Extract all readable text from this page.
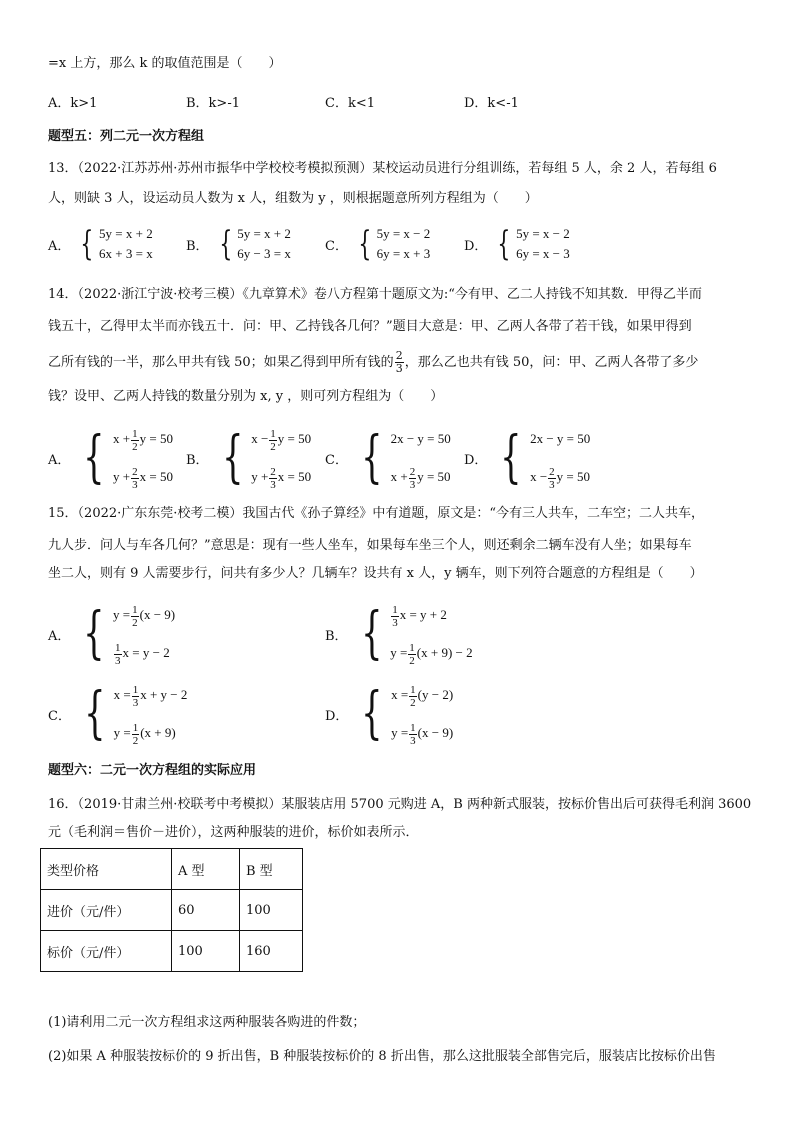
=x 上方，那么 k 的取值范围是（　　）
A．k>1	B．k>-1	C．k<1	D．k<-1
题型五：列二元一次方程组
13．（2022·江苏苏州·苏州市振华中学校校考模拟预测）某校运动员进行分组训练，若每组 5 人，余 2 人，若每组 6
人，则缺 3 人，设运动员人数为 x 人，组数为 y ，则根据题意所列方程组为（　　）
A． { 5y = x + 2
6x + 3 = x	B． { 5y = x + 2
6y − 3 = x	C． { 5y = x − 2
6y = x + 3	D． { 5y = x − 2
6y = x − 3
14．（2022·浙江宁波·校考三模）《九章算术》卷八方程第十题原文为:“今有甲、乙二人持钱不知其数．甲得乙半而
钱五十，乙得甲太半而亦钱五十．问：甲、乙持钱各几何？”题目大意是：甲、乙两人各带了若干钱，如果甲得到
乙所有钱的一半，那么甲共有钱 50；如果乙得到甲所有钱的 $\frac{2}{3}$ ，那么乙也共有钱 50，问：甲、乙两人各带了多少
钱？设甲、乙两人持钱的数量分别为 x, y ，则可列方程组为（　　）
A． { $x + \frac{1}{2}$ y = 50
$y + \frac{2}{3}$ x = 50
B． { $x - \frac{1}{2}$ y = 50
$y + \frac{2}{3}$ x = 50
C． { 2x − y = 50
$x + \frac{2}{3}$ y = 50
D． { 2x − y = 50
$x - \frac{2}{3}$ y = 50
15．（2022·广东东莞·校考二模）我国古代《孙子算经》中有道题，原文是：“今有三人共车，二车空；二人共车，
九人步．问人与车各几何？”意思是：现有一些人坐车，如果每车坐三个人，则还剩余二辆车没有人坐；如果每车
坐二人，则有 9 人需要步行，问共有多少人？几辆车？设共有 x 人，y 辆车，则下列符合题意的方程组是（　　）
A． { $y = \frac{1}{2} (x - 9)$
$\frac{1}{3}$ x = y − 2
B． { $\frac{1}{3}$ x = y + 2
$y = \frac{1}{2} (x + 9) - 2$
C． { $x = \frac{1}{3}$ x + y − 2
$y = \frac{1}{2} (x + 9)$
D． { $x = \frac{1}{2} (y - 2)$
$y = \frac{1}{3} (x - 9)$
题型六：二元一次方程组的实际应用
16．（2019·甘肃兰州·校联考中考模拟）某服装店用 5700 元购进 A，B 两种新式服装，按标价售出后可获得毛利润 3600
元（毛利润＝售价－进价），这两种服装的进价，标价如表所示．
类型价格	A 型	B 型
进价（元/件）	60	100
标价（元/件）	100	160
(1)请利用二元一次方程组求这两种服装各购进的件数；
(2)如果 A 种服装按标价的 9 折出售，B 种服装按标价的 8 折出售，那么这批服装全部售完后，服装店比按标价出售
